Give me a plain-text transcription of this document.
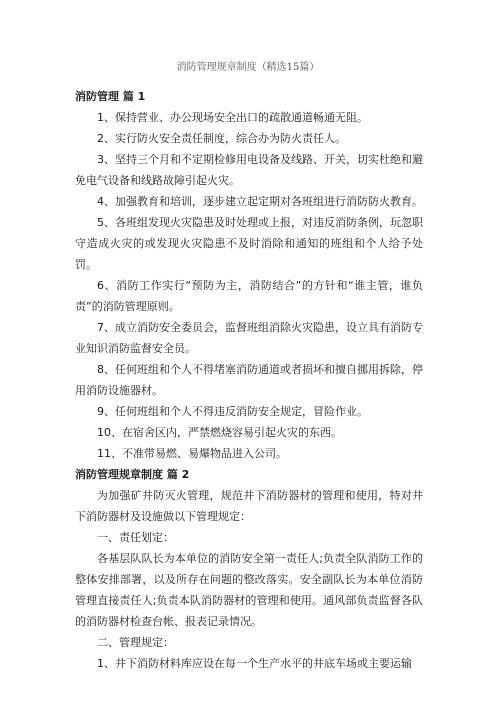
消防管理规章制度（精选15篇）

消防管理 篇 1

1、保持营业、办公现场安全出口的疏散通道畅通无阻。

2、实行防火安全责任制度，综合办为防火责任人。

3、坚持三个月和不定期检修用电设备及线路、开关，切实杜绝和避免电气设备和线路故障引起火灾。

4、加强教育和培训，逐步建立起定期对各班组进行消防防火教育。

5、各班组发现火灾隐患及时处理或上报，对违反消防条例，玩忽职守造成火灾的或发现火灾隐患不及时消除和通知的班组和个人给予处罚。

6、消防工作实行“预防为主，消防结合”的方针和“谁主管，谁负责”的消防管理原则。

7、成立消防安全委员会，监督班组消除火灾隐患，设立具有消防专业知识消防监督安全员。

8、任何班组和个人不得堵塞消防通道或者损坏和擅自挪用拆除，停用消防设施器材。

9、任何班组和个人不得违反消防安全规定，冒险作业。

10、在宿舍区内，严禁燃烧容易引起火灾的东西。

11、不准带易燃、易爆物品进入公司。

消防管理规章制度 篇 2

为加强矿井防灭火管理，规范井下消防器材的管理和使用，特对井下消防器材及设施做以下管理规定：

一、责任划定：

各基层队队长为本单位的消防安全第一责任人;负责全队消防工作的整体安排部署，以及所存在问题的整改落实。安全副队长为本单位消防管理直接责任人;负责本队消防器材的管理和使用。通风部负责监督各队的消防器材检查台帐、报表记录情况。

二、管理规定：

1、井下消防材料库应设在每一个生产水平的井底车场或主要运输
